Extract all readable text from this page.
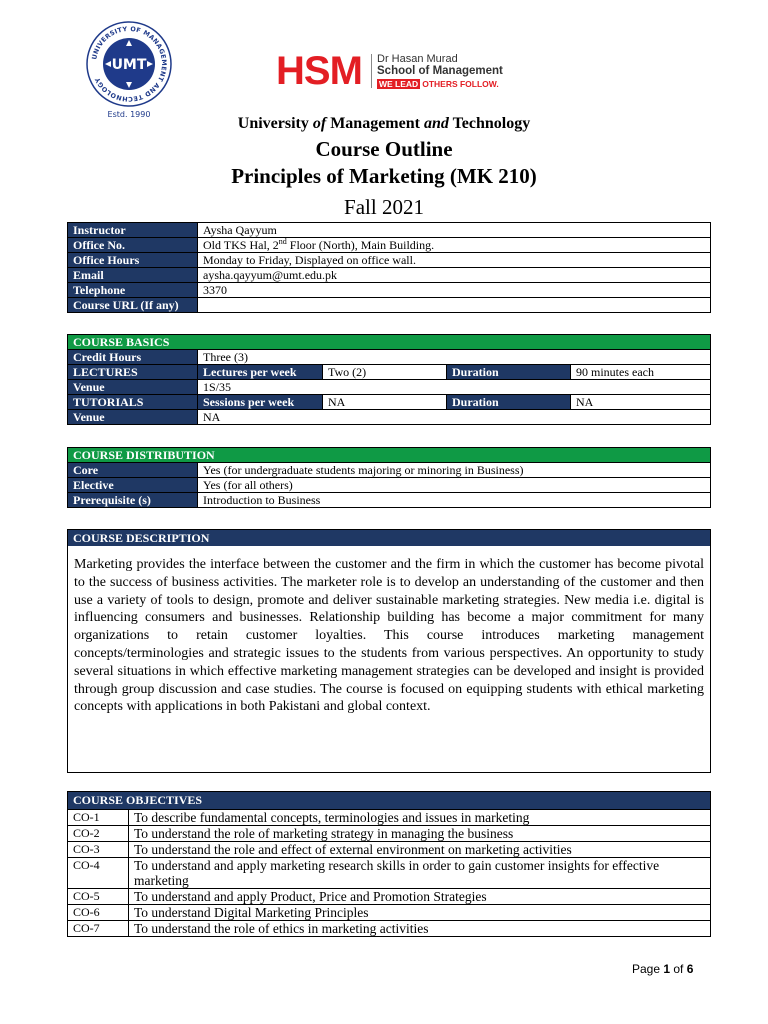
UMT
UNIVERSITY OF MANAGEMENT AND TECHNOLOGY
Estd. 1990
HSM Dr Hasan Murad
School of Management
WE LEAD OTHERS FOLLOW.
University of Management and Technology
Course Outline
Principles of Marketing (MK 210)
Fall 2021
Instructor	Aysha Qayyum
Office No.	Old TKS Hal, 2nd Floor (North), Main Building.
Office Hours	Monday to Friday, Displayed on office wall.
Email	aysha.qayyum@umt.edu.pk
Telephone	3370
Course URL (If any)	
COURSE BASICS				
Credit Hours	Three (3)			
LECTURES	Lectures per week	Two (2)	Duration	90 minutes each
Venue	1S/35			
TUTORIALS	Sessions per week	NA	Duration	NA
Venue	NA			
COURSE DISTRIBUTION	
Core	Yes (for undergraduate students majoring or minoring in Business)
Elective	Yes (for all others)
Prerequisite (s)	Introduction to Business
COURSE DESCRIPTION
Marketing provides the interface between the customer and the firm in which the customer has become pivotal to the success of business activities. The marketer role is to develop an understanding of the customer and then use a variety of tools to design, promote and deliver sustainable marketing strategies. New media i.e. digital is influencing consumers and businesses. Relationship building has become a major commitment for many organizations to retain customer loyalties. This course introduces marketing management concepts/terminologies and strategic issues to the students from various perspectives. An opportunity to study several situations in which effective marketing management strategies can be developed and insight is provided through group discussion and case studies. The course is focused on equipping students with ethical marketing concepts with applications in both Pakistani and global context.
COURSE OBJECTIVES	
CO-1	To describe fundamental concepts, terminologies and issues in marketing
CO-2	To understand the role of marketing strategy in managing the business
CO-3	To understand the role and effect of external environment on marketing activities
CO-4	To understand and apply marketing research skills in order to gain customer insights for effective marketing
CO-5	To understand and apply Product, Price and Promotion Strategies
CO-6	To understand Digital Marketing Principles
CO-7	To understand the role of ethics in marketing activities
Page 1 of 6
